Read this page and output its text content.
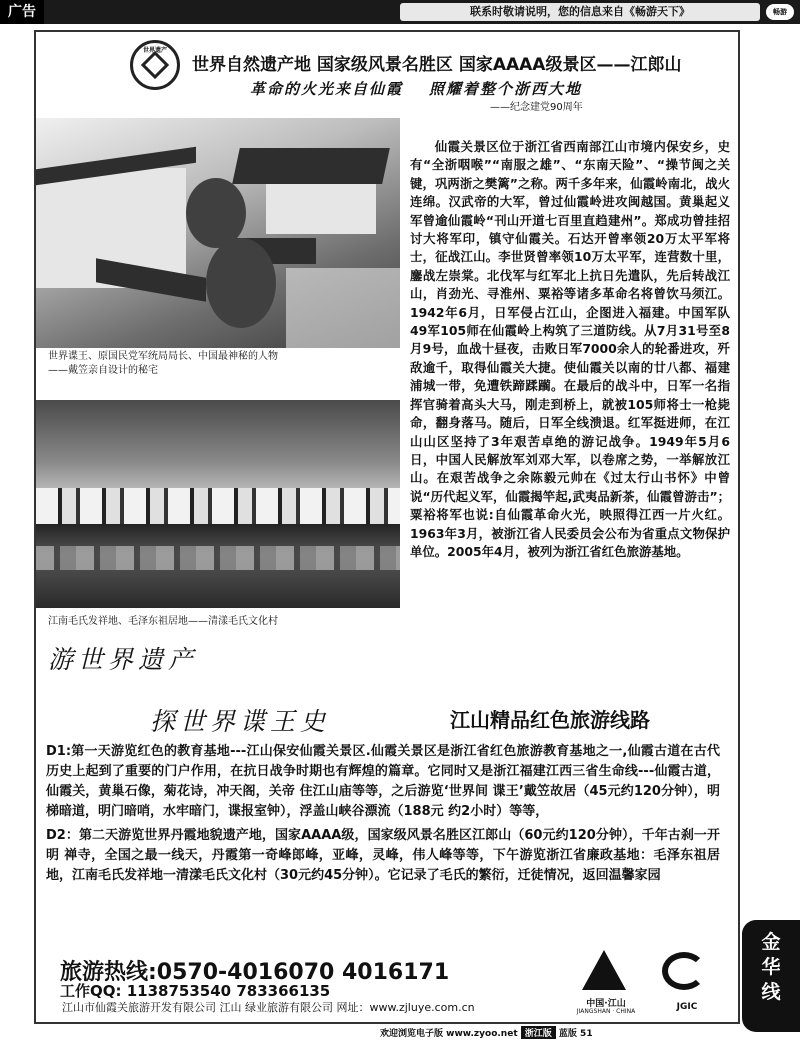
广告	联系时敬请说明，您的信息来自《畅游天下》	畅游
世界遗产
世界自然遗产地 国家级风景名胜区 国家AAAA级景区——江郎山
革命的火光来自仙霞 照耀着整个浙西大地
——纪念建党90周年
世界谍王、原国民党军统局局长、中国最神秘的人物
——戴笠亲自设计的秘宅
江南毛氏发祥地、毛泽东祖居地——清漾毛氏文化村
游世界遗产
仙霞关景区位于浙江省西南部江山市境内保安乡，史有“全浙咽喉”“南服之雄”、“东南天险”、“操节闽之关键，巩两浙之樊篱”之称。两千多年来，仙霞岭南北，战火连绵。汉武帝的大军，曾过仙霞岭进攻闽越国。黄巢起义军曾逾仙霞岭“刊山开道七百里直趋建州”。郑成功曾挂招讨大将军印，镇守仙霞关。石达开曾率领20万太平军将士，征战江山。李世贤曾率领10万太平军，连营数十里，鏖战左崇棠。北伐军与红军北上抗日先遣队，先后转战江山，肖劲光、寻淮州、粟裕等诸多革命名将曾饮马须江。1942年6月，日军侵占江山，企图进入福建。中国军队49军105师在仙霞岭上构筑了三道防线。从7月31号至8月9号，血战十昼夜，击败日军7000余人的轮番进攻，歼敌逾千，取得仙霞关大捷。使仙霞关以南的廿八都、福建浦城一带，免遭铁蹄蹂躏。在最后的战斗中，日军一名指挥官骑着高头大马，刚走到桥上，就被105师将士一枪毙命，翻身落马。随后，日军全线溃退。红军挺进师，在江山山区坚持了3年艰苦卓绝的游记战争。1949年5月6日，中国人民解放军刘邓大军，以卷席之势，一举解放江山。在艰苦战争之余陈毅元帅在《过太行山书怀》中曾说“历代起义军，仙霞揭竿起,武夷品新茶，仙霞曾游击”；粟裕将军也说:自仙霞革命火光，映照得江西一片火红。1963年3月，被浙江省人民委员会公布为省重点文物保护单位。2005年4月，被列为浙江省红色旅游基地。
探世界谍王史	江山精品红色旅游线路
D1:第一天游览红色的教育基地---江山保安仙霞关景区.仙霞关景区是浙江省红色旅游教育基地之一,仙霞古道在古代历史上起到了重要的门户作用，在抗日战争时期也有辉煌的篇章。它同时又是浙江福建江西三省生命线---仙霞古道，仙霞关，黄巢石像，菊花诗，冲天阁，关帝 住江山庙等等，之后游览‘世界间 谍王’戴笠故居（45元约120分钟），明梯暗道，明门暗哨，水牢暗门，谍报室钟），浮盖山峡谷漂流（188元 约2小时）等等，
D2：第二天游览世界丹霞地貌遗产地，国家AAAA级，国家级风景名胜区江郎山（60元约120分钟），千年古刹一开明 禅寺，全国之最一线天，丹霞第一奇峰郎峰，亚峰，灵峰，伟人峰等等，下午游览浙江省廉政基地：毛泽东祖居地，江南毛氏发祥地一清漾毛氏文化村（30元约45分钟）。它记录了毛氏的繁衍，迁徒情况，返回温馨家园
旅游热线:0570-4016070 4016171
工作QQ: 1138753540 783366135
江山市仙霞关旅游开发有限公司 江山 绿业旅游有限公司 网址：www.zjluye.com.cn	中国·江山
JIANGSHAN · CHINA	JGIC
金
华
线
欢迎浏览电子版 www.zyoo.net 浙江版 蓝版 51
